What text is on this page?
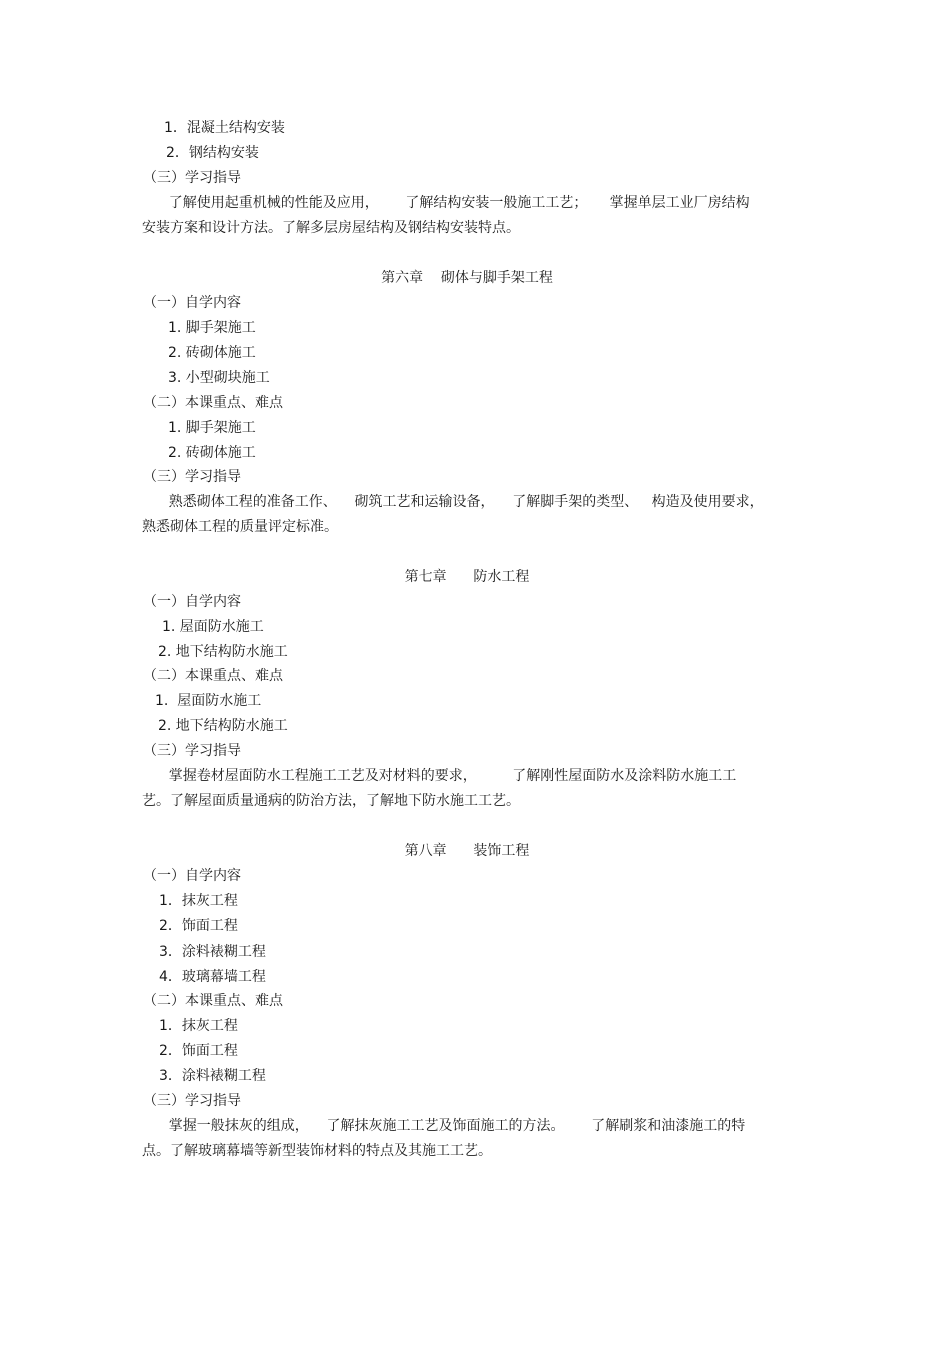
1．混凝土结构安装

2．钢结构安装

（三）学习指导

了解使用起重机械的性能及应用，      了解结构安装一般施工工艺；     掌握单层工业厂房结构

安装方案和设计方法。了解多层房屋结构及钢结构安装特点。

第六章    砌体与脚手架工程

（一）自学内容

1. 脚手架施工

2. 砖砌体施工

3. 小型砌块施工

（二）本课重点、难点

1. 脚手架施工

2. 砖砌体施工

（三）学习指导

熟悉砌体工程的准备工作、    砌筑工艺和运输设备，    了解脚手架的类型、   构造及使用要求，

熟悉砌体工程的质量评定标准。

第七章      防水工程

（一）自学内容

1. 屋面防水施工

2. 地下结构防水施工

（二）本课重点、难点

1.  屋面防水施工

2. 地下结构防水施工

（三）学习指导

掌握卷材屋面防水工程施工工艺及对材料的要求，        了解刚性屋面防水及涂料防水施工工

艺。了解屋面质量通病的防治方法，了解地下防水施工工艺。

第八章      装饰工程

（一）自学内容

1．抹灰工程

2．饰面工程

3．涂料裱糊工程

4．玻璃幕墙工程

（二）本课重点、难点

1．抹灰工程

2．饰面工程

3．涂料裱糊工程

（三）学习指导

掌握一般抹灰的组成，    了解抹灰施工工艺及饰面施工的方法。      了解刷浆和油漆施工的特

点。了解玻璃幕墙等新型装饰材料的特点及其施工工艺。
